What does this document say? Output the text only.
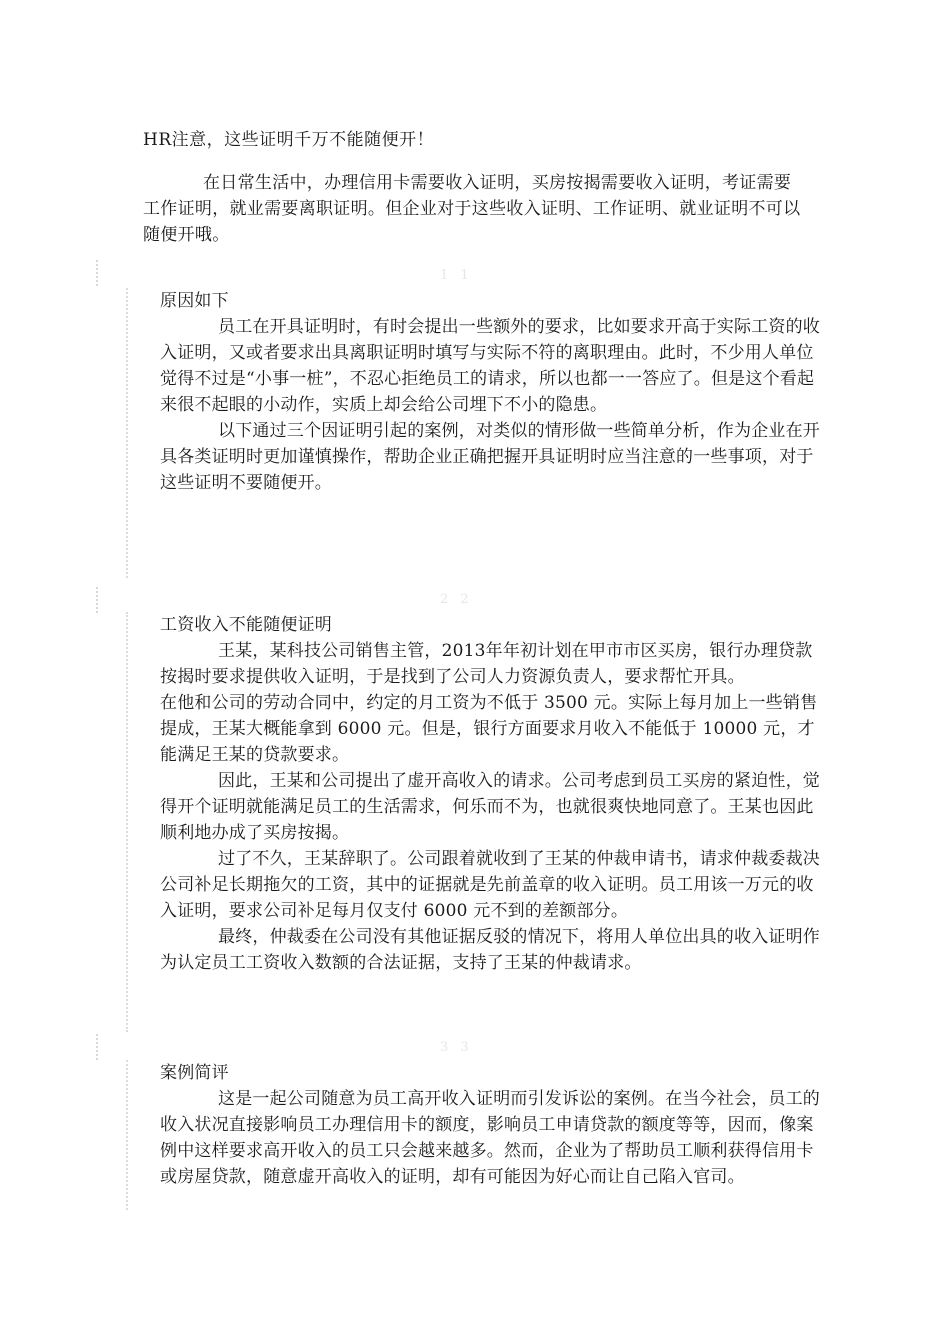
HR注意，这些证明千万不能随便开！
在日常生活中，办理信用卡需要收入证明，买房按揭需要收入证明，考证需要工作证明，就业需要离职证明。但企业对于这些收入证明、工作证明、就业证明不可以随便开哦。
1 1
2 2
3 3

原因如下

员工在开具证明时，有时会提出一些额外的要求，比如要求开高于实际工资的收入证明，又或者要求出具离职证明时填写与实际不符的离职理由。此时，不少用人单位觉得不过是“小事一桩”，不忍心拒绝员工的请求，所以也都一一答应了。但是这个看起来很不起眼的小动作，实质上却会给公司埋下不小的隐患。

以下通过三个因证明引起的案例，对类似的情形做一些简单分析，作为企业在开具各类证明时更加谨慎操作，帮助企业正确把握开具证明时应当注意的一些事项，对于这些证明不要随便开。

工资收入不能随便证明

王某，某科技公司销售主管，2013年年初计划在甲市市区买房，银行办理贷款按揭时要求提供收入证明，于是找到了公司人力资源负责人，要求帮忙开具。

在他和公司的劳动合同中，约定的月工资为不低于 3500 元。实际上每月加上一些销售提成，王某大概能拿到 6000 元。但是，银行方面要求月收入不能低于 10000 元，才能满足王某的贷款要求。

因此，王某和公司提出了虚开高收入的请求。公司考虑到员工买房的紧迫性，觉得开个证明就能满足员工的生活需求，何乐而不为，也就很爽快地同意了。王某也因此顺利地办成了买房按揭。

过了不久，王某辞职了。公司跟着就收到了王某的仲裁申请书，请求仲裁委裁决公司补足长期拖欠的工资，其中的证据就是先前盖章的收入证明。员工用该一万元的收入证明，要求公司补足每月仅支付 6000 元不到的差额部分。

最终，仲裁委在公司没有其他证据反驳的情况下，将用人单位出具的收入证明作为认定员工工资收入数额的合法证据，支持了王某的仲裁请求。

案例简评

这是一起公司随意为员工高开收入证明而引发诉讼的案例。在当今社会，员工的收入状况直接影响员工办理信用卡的额度，影响员工申请贷款的额度等等，因而，像案例中这样要求高开收入的员工只会越来越多。然而，企业为了帮助员工顺利获得信用卡或房屋贷款，随意虚开高收入的证明，却有可能因为好心而让自己陷入官司。
